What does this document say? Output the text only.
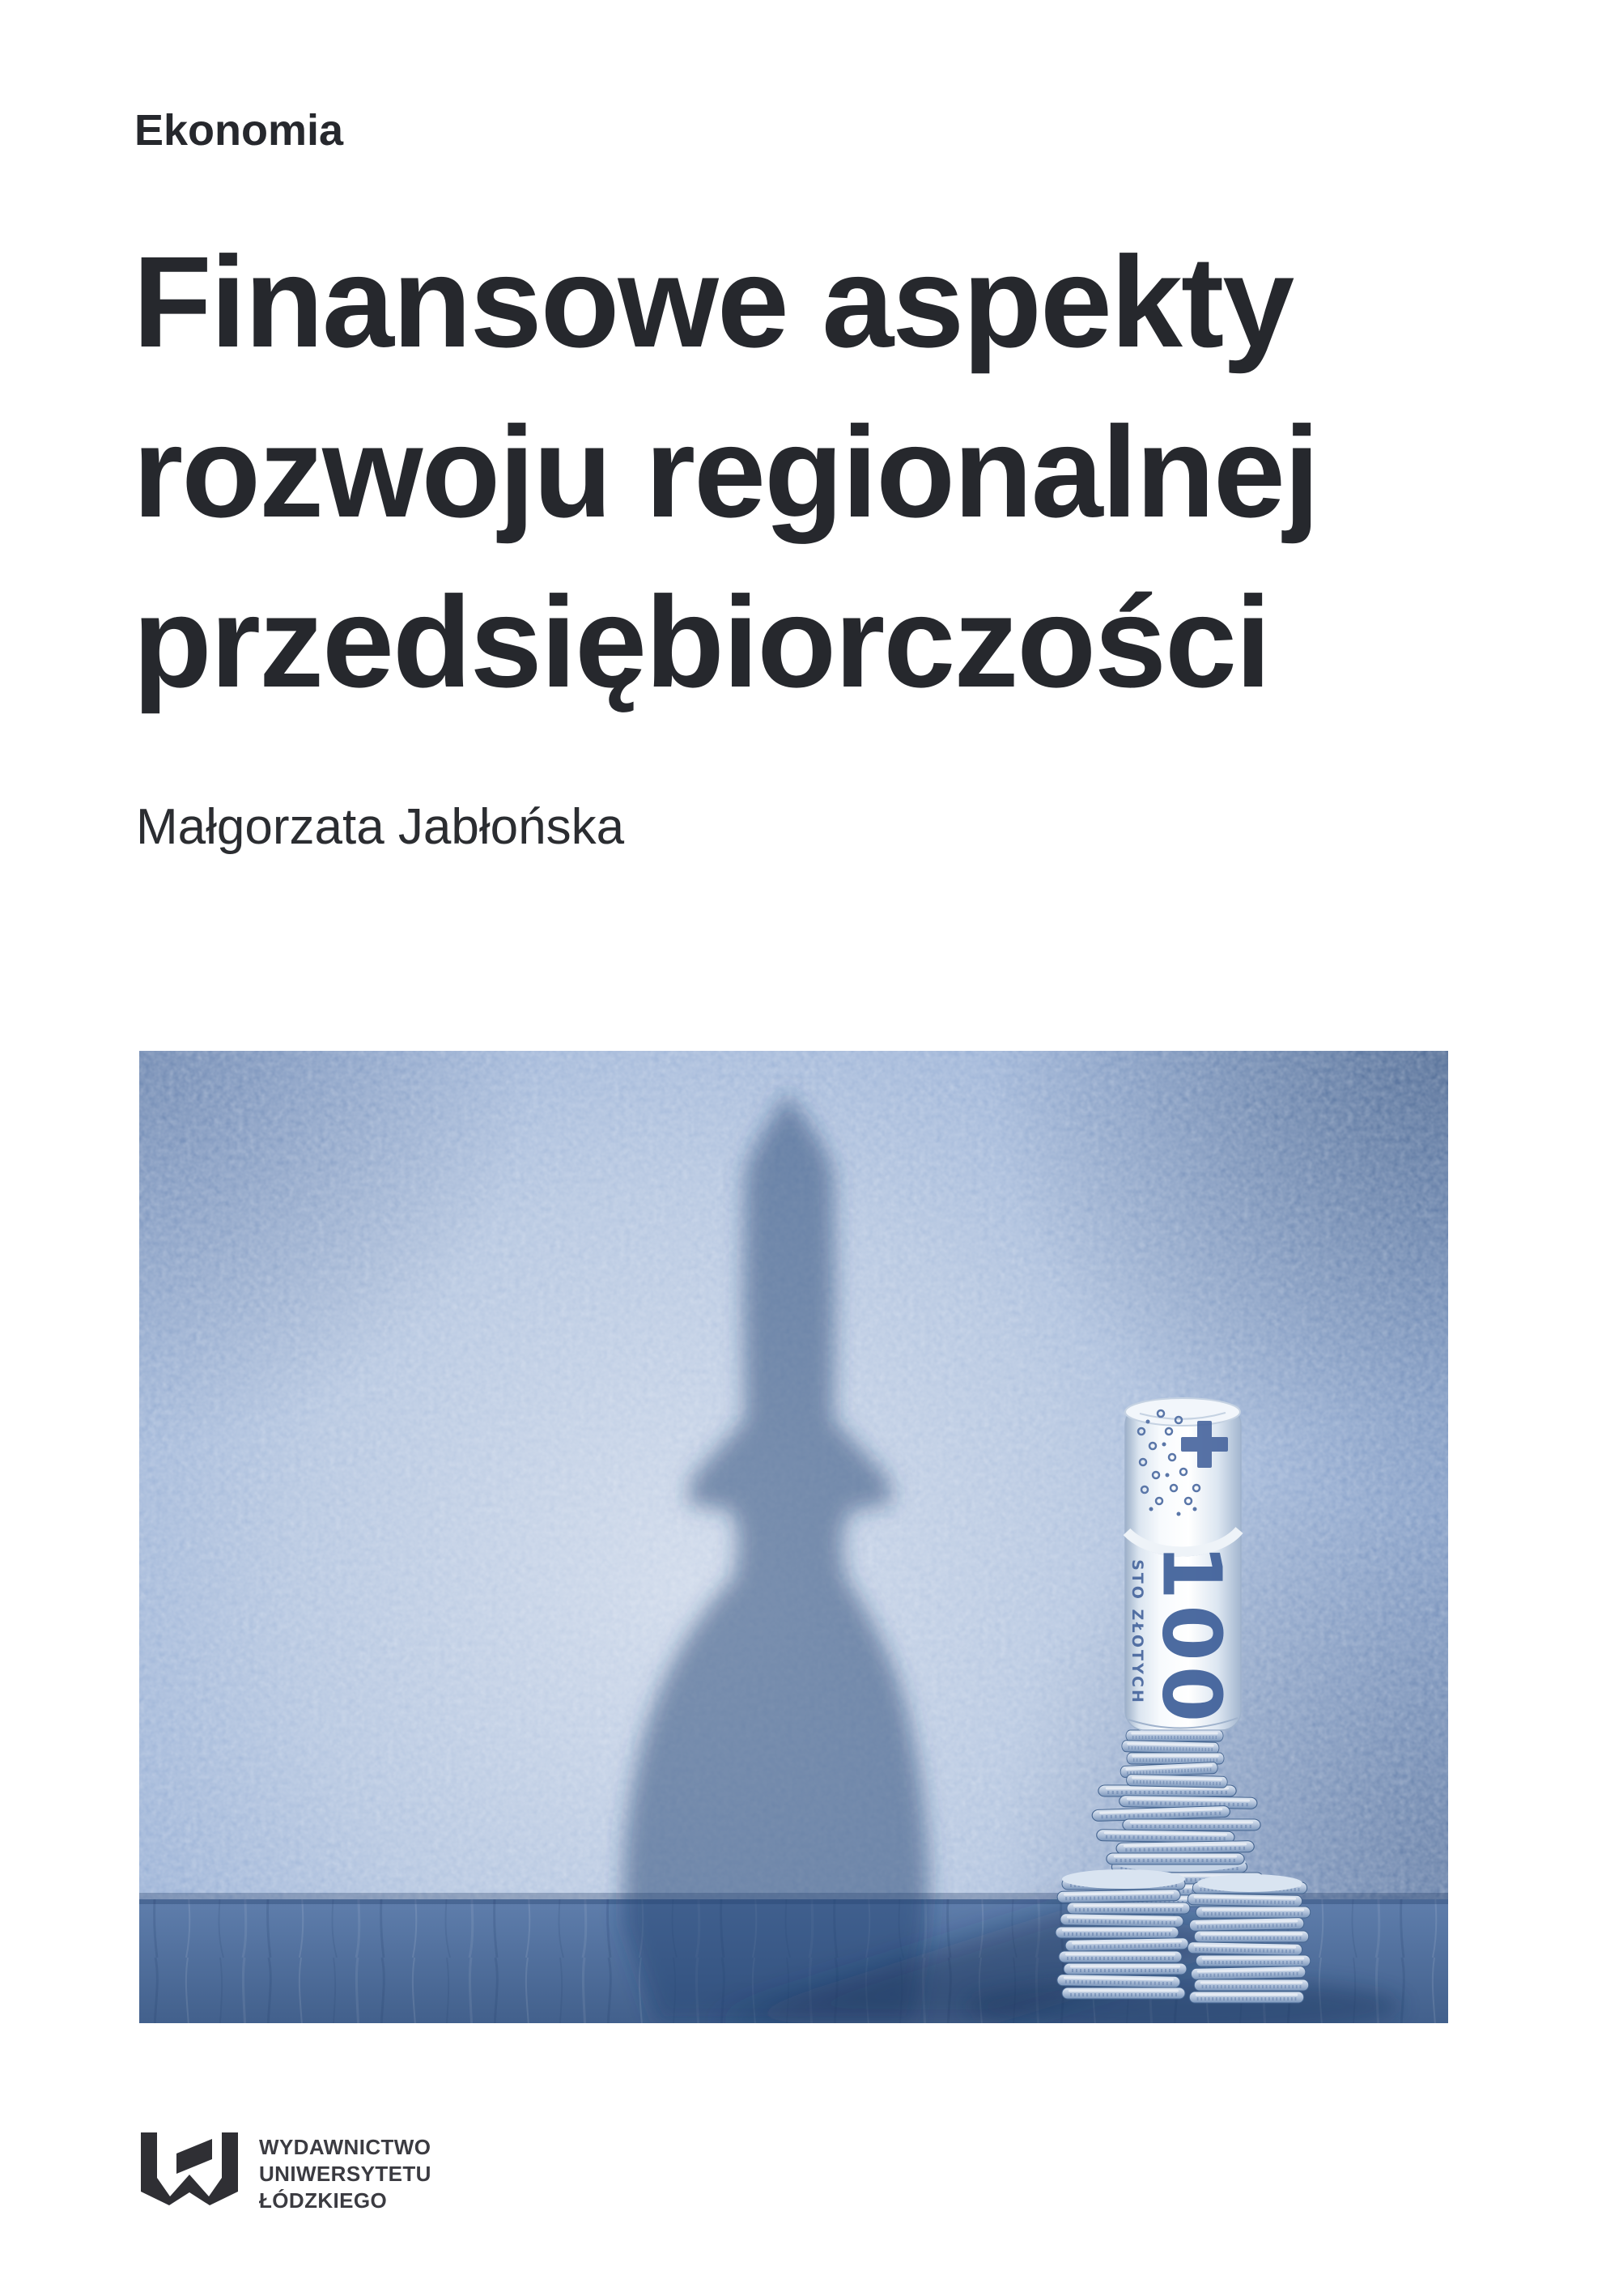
Ekonomia
Finansowe aspekty
rozwoju regionalnej
przedsiębiorczości
Małgorzata Jabłońska
100
STO ZŁOTYCH
WYDAWNICTWO
UNIWERSYTETU
ŁÓDZKIEGO
